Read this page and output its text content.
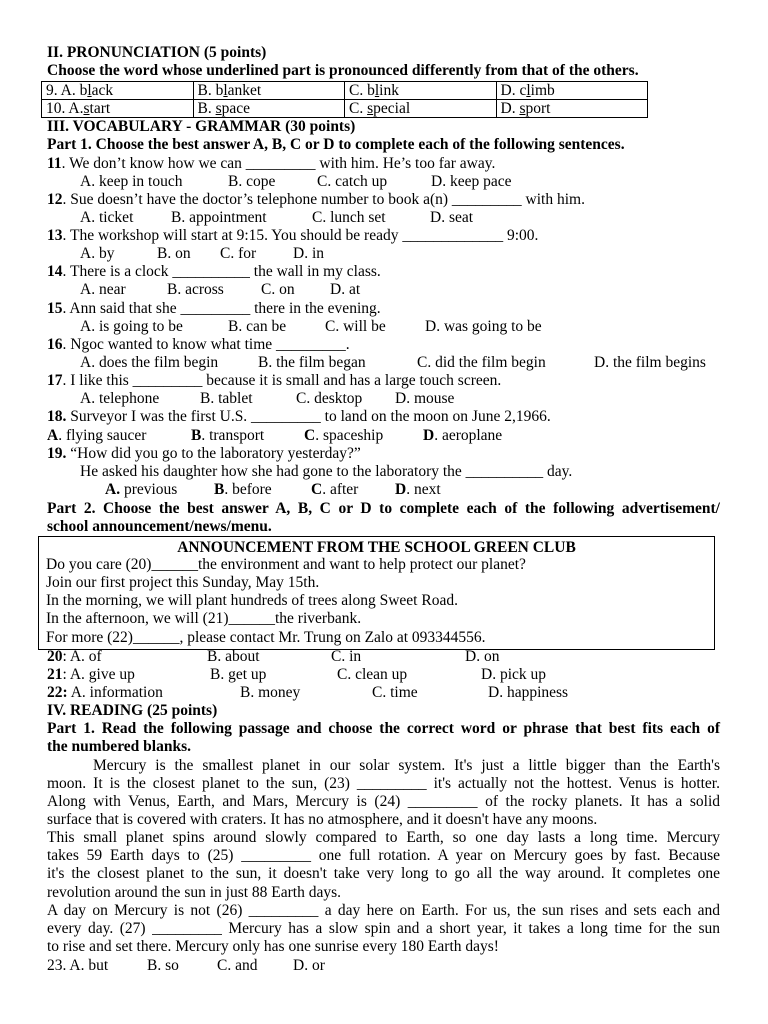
II. PRONUNCIATION (5 points)
Choose the word whose underlined part is pronounced differently from that of the others.
9. A. black	B. blanket	C. blink	D. climb
10. A.start	B. space	C. special	D. sport
III. VOCABULARY - GRAMMAR (30 points)
Part 1. Choose the best answer A, B, C or D to complete each of the following sentences.
11. We don’t know how we can _________ with him. He’s too far away.
A. keep in touch	B. cope	C. catch up	D. keep pace
12. Sue doesn’t have the doctor’s telephone number to book a(n) _________ with him.
A. ticket B. appointment	C. lunch set	D. seat
13. The workshop will start at 9:15. You should be ready _____________ 9:00.
A. by	B. on C. for D. in
14. There is a clock __________ the wall in my class.
A. near	B. across C. on D. at
15. Ann said that she _________ there in the evening.
A. is going to be	B. can be	C. will be	D. was going to be
16. Ngoc wanted to know what time _________.
A. does the film begin	B. the film began	C. did the film begin	D. the film begins
17. I like this _________ because it is small and has a large touch screen.
A. telephone	B. tablet	C. desktop D. mouse
18. Surveyor I was the first U.S. _________ to land on the moon on June 2,1966.
A. flying saucer	B. transport	C. spaceship	D. aeroplane
19. “How did you go to the laboratory yesterday?”
He asked his daughter how she had gone to the laboratory the __________ day.
A. previous B. before	C. after D. next
Part 2. Choose the best answer A, B, C or D to complete each of the following advertisement/
school announcement/news/menu.
ANNOUNCEMENT FROM THE SCHOOL GREEN CLUB
Do you care (20)______the environment and want to help protect our planet?
Join our first project this Sunday, May 15th.
In the morning, we will plant hundreds of trees along Sweet Road.
In the afternoon, we will (21)______the riverbank.
For more (22)______, please contact Mr. Trung on Zalo at 093344556.
20: A. of	B. about	C. in	D. on
21: A. give up	B. get up	C. clean up	D. pick up
22: A. information	B. money	C. time	D. happiness
IV. READING (25 points)
Part 1. Read the following passage and choose the correct word or phrase that best fits each of
the numbered blanks.
Mercury is the smallest planet in our solar system. It's just a little bigger than the Earth's
moon. It is the closest planet to the sun, (23) _________ it's actually not the hottest. Venus is hotter.
Along with Venus, Earth, and Mars, Mercury is (24) _________ of the rocky planets. It has a solid
surface that is covered with craters. It has no atmosphere, and it doesn't have any moons.
This small planet spins around slowly compared to Earth, so one day lasts a long time. Mercury
takes 59 Earth days to (25) _________ one full rotation. A year on Mercury goes by fast. Because
it's the closest planet to the sun, it doesn't take very long to go all the way around. It completes one
revolution around the sun in just 88 Earth days.
A day on Mercury is not (26) _________ a day here on Earth. For us, the sun rises and sets each and
every day. (27) _________ Mercury has a slow spin and a short year, it takes a long time for the sun
to rise and set there. Mercury only has one sunrise every 180 Earth days!
23. A. but	B. so C. and D. or
